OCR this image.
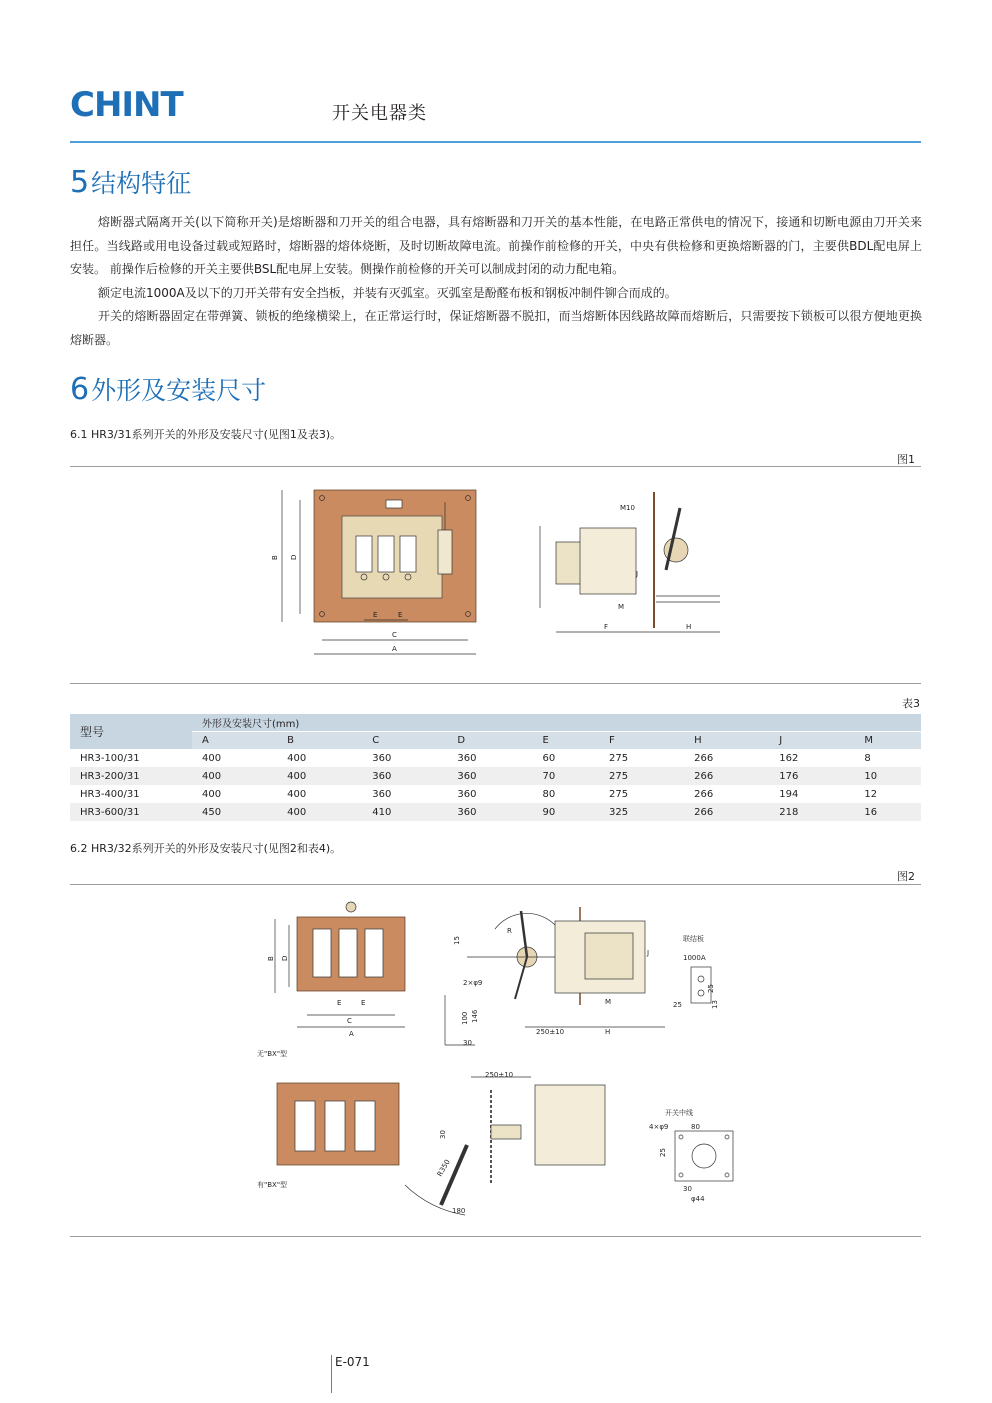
CHINT	开关电器类
5结构特征

熔断器式隔离开关(以下简称开关)是熔断器和刀开关的组合电器，具有熔断器和刀开关的基本性能，在电路正常供电的情况下，接通和切断电源由刀开关来担任。当线路或用电设备过载或短路时，熔断器的熔体烧断，及时切断故障电流。前操作前检修的开关，中央有供检修和更换熔断器的门，主要供BDL配电屏上安装。 前操作后检修的开关主要供BSL配电屏上安装。侧操作前检修的开关可以制成封闭的动力配电箱。

额定电流1000A及以下的刀开关带有安全挡板，并装有灭弧室。灭弧室是酚醛布板和钢板冲制件铆合而成的。

开关的熔断器固定在带弹簧、锁板的绝缘横梁上，在正常运行时，保证熔断器不脱扣，而当熔断体因线路故障而熔断后，只需要按下锁板可以很方便地更换熔断器。

6外形及安装尺寸
6.1 HR3/31系列开关的外形及安装尺寸(见图1及表3)。
图1
B D
E	E
C
A
M10
J
M
F	H
表3
型号	外形及安装尺寸(mm)								
	A	B	C	D	E	F	H	J	M
HR3-100/31	400	400	360	360	60	275	266	162	8
HR3-200/31	400	400	360	360	70	275	266	176	10
HR3-400/31	400	400	360	360	80	275	266	194	12
HR3-600/31	450	400	410	360	90	325	266	218	16
6.2 HR3/32系列开关的外形及安装尺寸(见图2和表4)。
图2
B D
E	E
C
A
R
15
2×φ9
100 146
30
250±10	H
M
J
250±10
30
R350
180
无"BX"型
有"BX"型
联结板
1000A
25
13
25
开关中线
4×φ9	80
25
30
φ44
E-071
